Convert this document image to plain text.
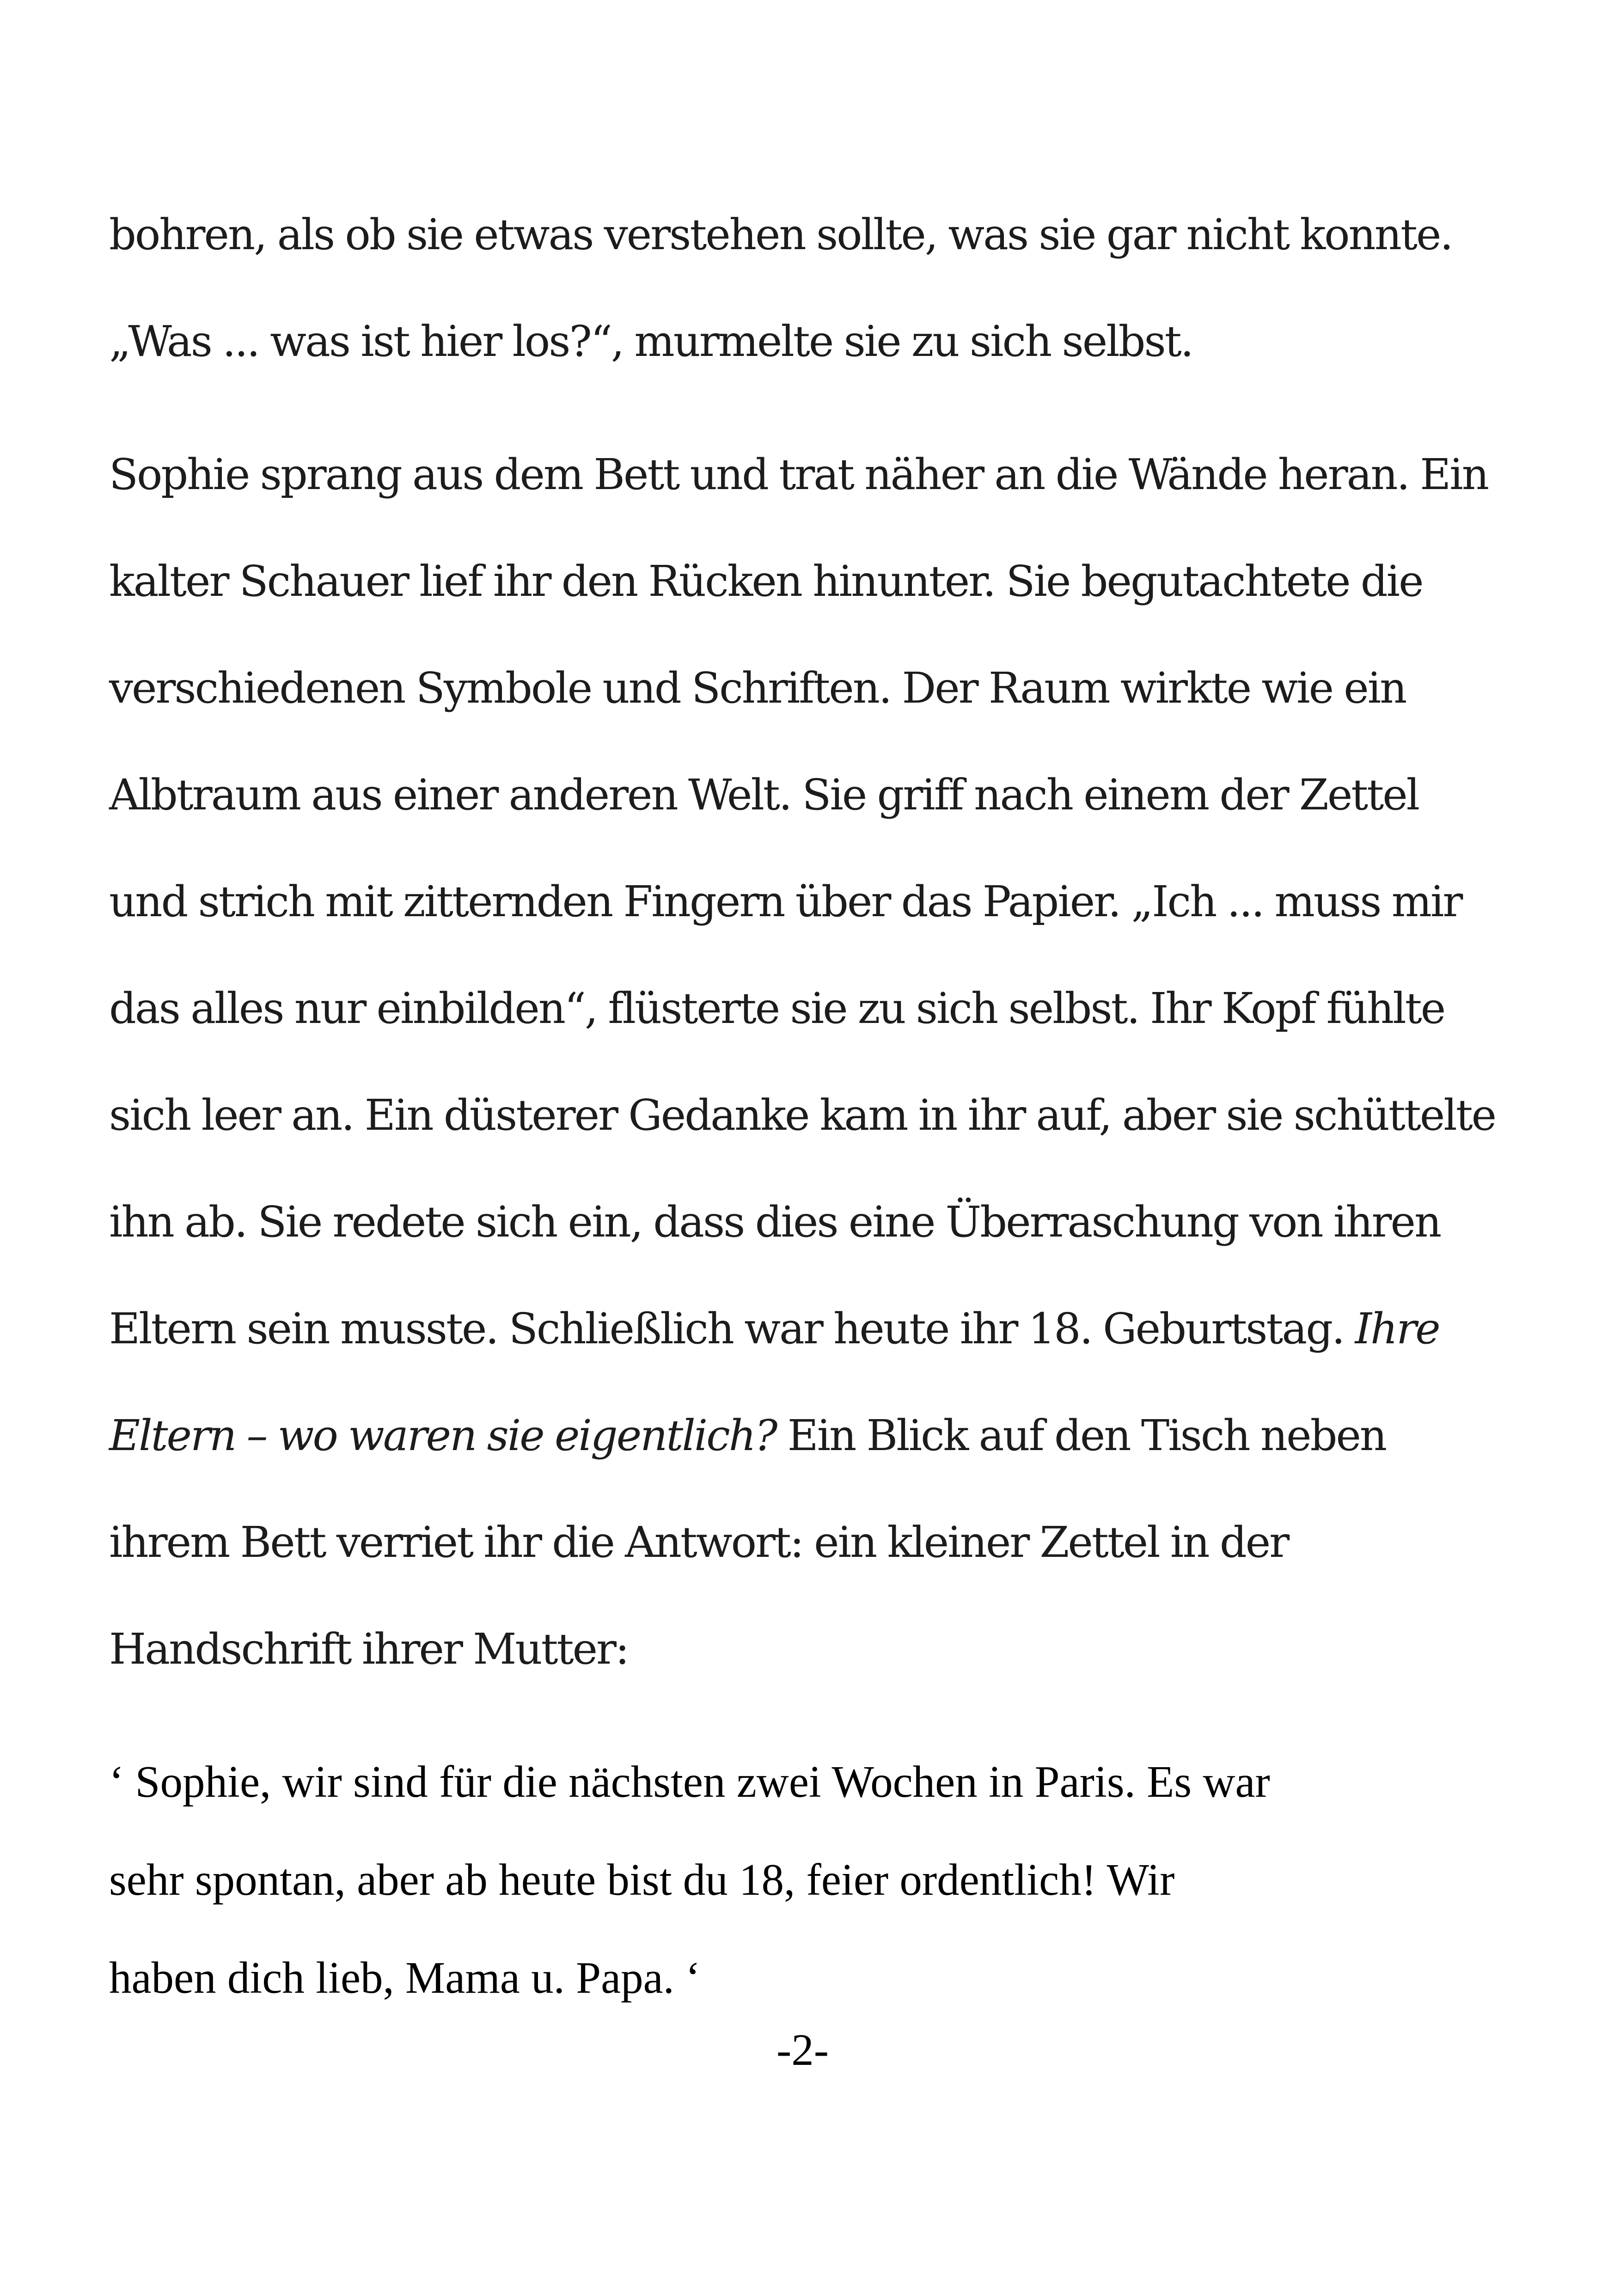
bohren, als ob sie etwas verstehen sollte, was sie gar nicht konnte.

„Was ... was ist hier los?“, murmelte sie zu sich selbst.

Sophie sprang aus dem Bett und trat näher an die Wände heran. Ein

kalter Schauer lief ihr den Rücken hinunter. Sie begutachtete die

verschiedenen Symbole und Schriften. Der Raum wirkte wie ein

Albtraum aus einer anderen Welt. Sie griff nach einem der Zettel

und strich mit zitternden Fingern über das Papier. „Ich ... muss mir

das alles nur einbilden“, flüsterte sie zu sich selbst. Ihr Kopf fühlte

sich leer an. Ein düsterer Gedanke kam in ihr auf, aber sie schüttelte

ihn ab. Sie redete sich ein, dass dies eine Überraschung von ihren

Eltern sein musste. Schließlich war heute ihr 18. Geburtstag. Ihre

Eltern – wo waren sie eigentlich? Ein Blick auf den Tisch neben

ihrem Bett verriet ihr die Antwort: ein kleiner Zettel in der

Handschrift ihrer Mutter:

‘ Sophie, wir sind für die nächsten zwei Wochen in Paris. Es war

sehr spontan, aber ab heute bist du 18, feier ordentlich! Wir

haben dich lieb, Mama u. Papa. ‘

-2-
